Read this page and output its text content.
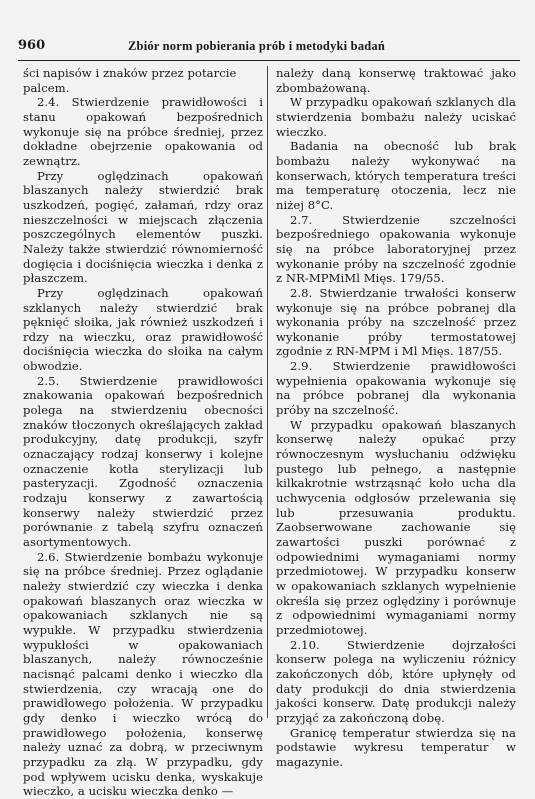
960	Zbiór norm pobierania prób i metodyki badań

ści napisów i znaków przez potarcie palcem.

2.4. Stwierdzenie prawidłowości i stanu opakowań bezpośrednich wykonuje się na próbce średniej, przez dokładne obejrzenie opakowania od zewnątrz.

Przy oględzinach opakowań blaszanych należy stwierdzić brak uszkodzeń, pogięć, załamań, rdzy oraz nieszczelności w miejscach złączenia poszczególnych elementów puszki. Należy także stwierdzić równomierność dogięcia i dociśnięcia wieczka i denka z płaszczem.

Przy oględzinach opakowań szklanych należy stwierdzić brak pęknięć słoika, jak również uszkodzeń i rdzy na wieczku, oraz prawidłowość dociśnięcia wieczka do słoika na całym obwodzie.

2.5. Stwierdzenie prawidłowości znakowania opakowań bezpośrednich polega na stwierdzeniu obecności znaków tłoczonych określających zakład produkcyjny, datę produkcji, szyfr oznaczający rodzaj konserwy i kolejne oznaczenie kotła sterylizacji lub pasteryzacji. Zgodność oznaczenia rodzaju konserwy z zawartością konserwy należy stwierdzić przez porównanie z tabelą szyfru oznaczeń asortymentowych.

2.6. Stwierdzenie bombażu wykonuje się na próbce średniej. Przez oglądanie należy stwierdzić czy wieczka i denka opakowań blaszanych oraz wieczka w opakowaniach szklanych nie są wypukłe. W przypadku stwierdzenia wypukłości w opakowaniach blaszanych, należy równocześnie nacisnąć palcami denko i wieczko dla stwierdzenia, czy wracają one do prawidłowego położenia. W przypadku gdy denko i wieczko wrócą do prawidłowego położenia, konserwę należy uznać za dobrą, w przeciwnym przypadku za złą. W przypadku, gdy pod wpływem ucisku denka, wyskakuje wieczko, a ucisku wieczka denko —

należy daną konserwę traktować jako zbombażowaną.

W przypadku opakowań szklanych dla stwierdzenia bombażu należy uciskać wieczko.

Badania na obecność lub brak bombażu należy wykonywać na konserwach, których temperatura treści ma temperaturę otoczenia, lecz nie niżej 8°C.

2.7. Stwierdzenie szczelności bezpośredniego opakowania wykonuje się na próbce laboratoryjnej przez wykonanie próby na szczelność zgodnie z NR-MPMiMl Mięs. 179/55.

2.8. Stwierdzanie trwałości konserw wykonuje się na próbce pobranej dla wykonania próby na szczelność przez wykonanie próby termostatowej zgodnie z RN-MPM i Ml Mięs. 187/55.

2.9. Stwierdzenie prawidłowości wypełnienia opakowania wykonuje się na próbce pobranej dla wykonania próby na szczelność.

W przypadku opakowań blaszanych konserwę należy opukać przy równoczesnym wysłuchaniu odźwięku pustego lub pełnego, a następnie kilkakrotnie wstrząsnąć koło ucha dla uchwycenia odgłosów przelewania się lub przesuwania produktu. Zaobserwowane zachowanie się zawartości puszki porównać z odpowiednimi wymaganiami normy przedmiotowej. W przypadku konserw w opakowaniach szklanych wypełnienie określa się przez oględziny i porównuje z odpowiednimi wymaganiami normy przedmiotowej.

2.10. Stwierdzenie dojrzałości konserw polega na wyliczeniu różnicy zakończonych dób, które upłynęły od daty produkcji do dnia stwierdzenia jakości konserw. Datę produkcji należy przyjąć za zakończoną dobę.

Granicę temperatur stwierdza się na podstawie wykresu temperatur w magazynie.
